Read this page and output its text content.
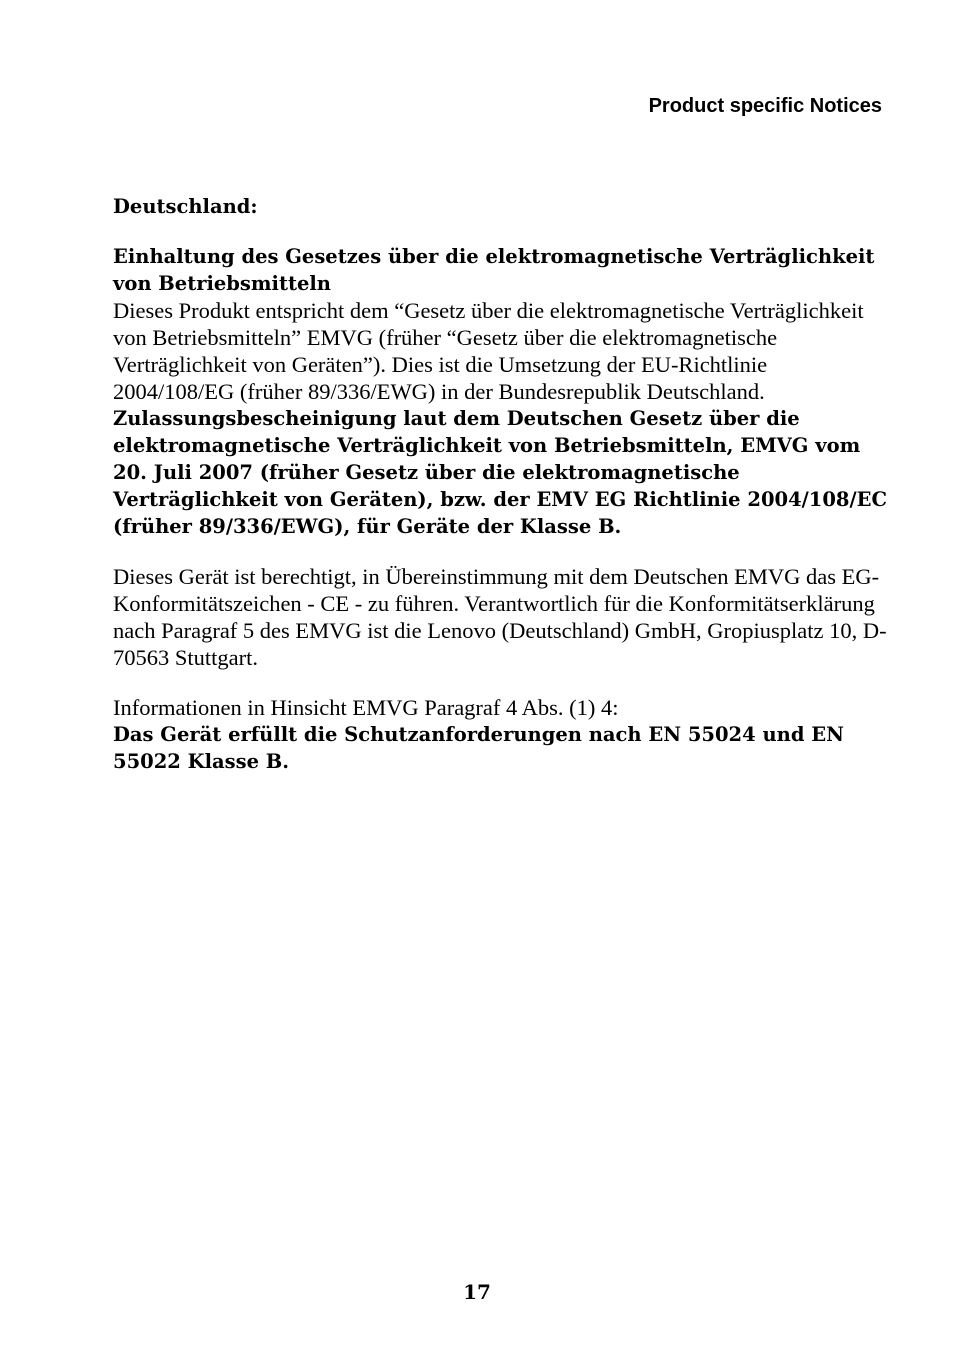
Product specific Notices

Deutschland:

Einhaltung des Gesetzes über die elektromagnetische Verträglichkeit von Betriebsmitteln

Dieses Produkt entspricht dem “Gesetz über die elektromagnetische Verträglichkeit von Betriebsmitteln” EMVG (früher “Gesetz über die elektromagnetische Verträglichkeit von Geräten”). Dies ist die Umsetzung der EU-Richtlinie 2004/108/EG (früher 89/336/EWG) in der Bundesrepublik Deutschland.

Zulassungsbescheinigung laut dem Deutschen Gesetz über die elektromagnetische Verträglichkeit von Betriebsmitteln, EMVG vom 20. Juli 2007 (früher Gesetz über die elektromagnetische Verträglichkeit von Geräten), bzw. der EMV EG Richtlinie 2004/108/EC (früher 89/336/EWG), für Geräte der Klasse B.

Dieses Gerät ist berechtigt, in Übereinstimmung mit dem Deutschen EMVG das EG-Konformitätszeichen - CE - zu führen. Verantwortlich für die Konformitätserklärung nach Paragraf 5 des EMVG ist die Lenovo (Deutschland) GmbH, Gropiusplatz 10, D-70563 Stuttgart.

Informationen in Hinsicht EMVG Paragraf 4 Abs. (1) 4:

Das Gerät erfüllt die Schutzanforderungen nach EN 55024 und EN 55022 Klasse B.

17
